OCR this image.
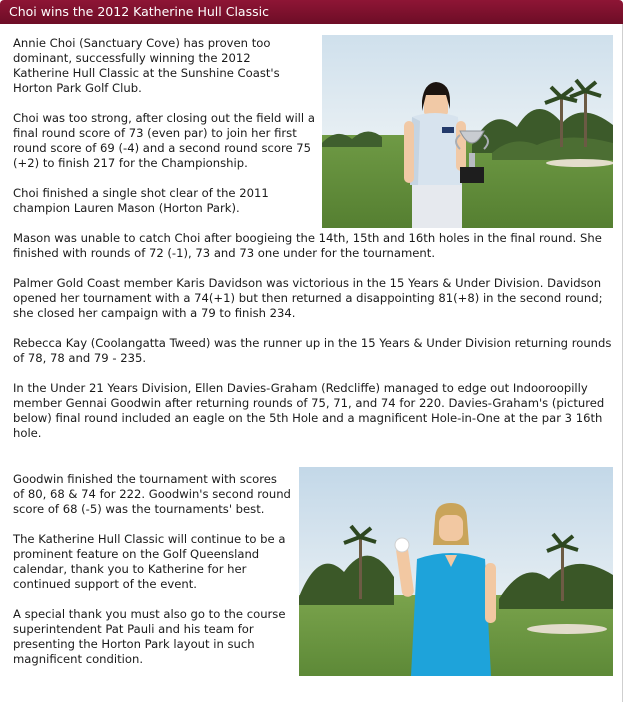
Choi wins the 2012 Katherine Hull Classic

Annie Choi (Sanctuary Cove) has proven too dominant, successfully winning the 2012 Katherine Hull Classic at the Sunshine Coast's Horton Park Golf Club.

Choi was too strong, after closing out the field will a final round score of 73 (even par) to join her first round score of 69 (-4) and a second round score 75 (+2) to finish 217 for the Championship.

Choi finished a single shot clear of the 2011 champion Lauren Mason (Horton Park).

Mason was unable to catch Choi after boogieing the 14th, 15th and 16th holes in the final round. She finished with rounds of 72 (-1), 73 and 73 one under for the tournament.

Palmer Gold Coast member Karis Davidson was victorious in the 15 Years & Under Division. Davidson opened her tournament with a 74(+1) but then returned a disappointing 81(+8) in the second round; she closed her campaign with a 79 to finish 234.

Rebecca Kay (Coolangatta Tweed) was the runner up in the 15 Years & Under Division returning rounds of 78, 78 and 79 - 235.

In the Under 21 Years Division, Ellen Davies-Graham (Redcliffe) managed to edge out Indooroopilly member Gennai Goodwin after returning rounds of 75, 71, and 74 for 220. Davies-Graham's (pictured below) final round included an eagle on the 5th Hole and a magnificent Hole-in-One at the par 3 16th hole.

Goodwin finished the tournament with scores of 80, 68 & 74 for 222. Goodwin's second round score of 68 (-5) was the tournaments' best.

The Katherine Hull Classic will continue to be a prominent feature on the Golf Queensland calendar, thank you to Katherine for her continued support of the event.

A special thank you must also go to the course superintendent Pat Pauli and his team for presenting the Horton Park layout in such magnificent condition.
